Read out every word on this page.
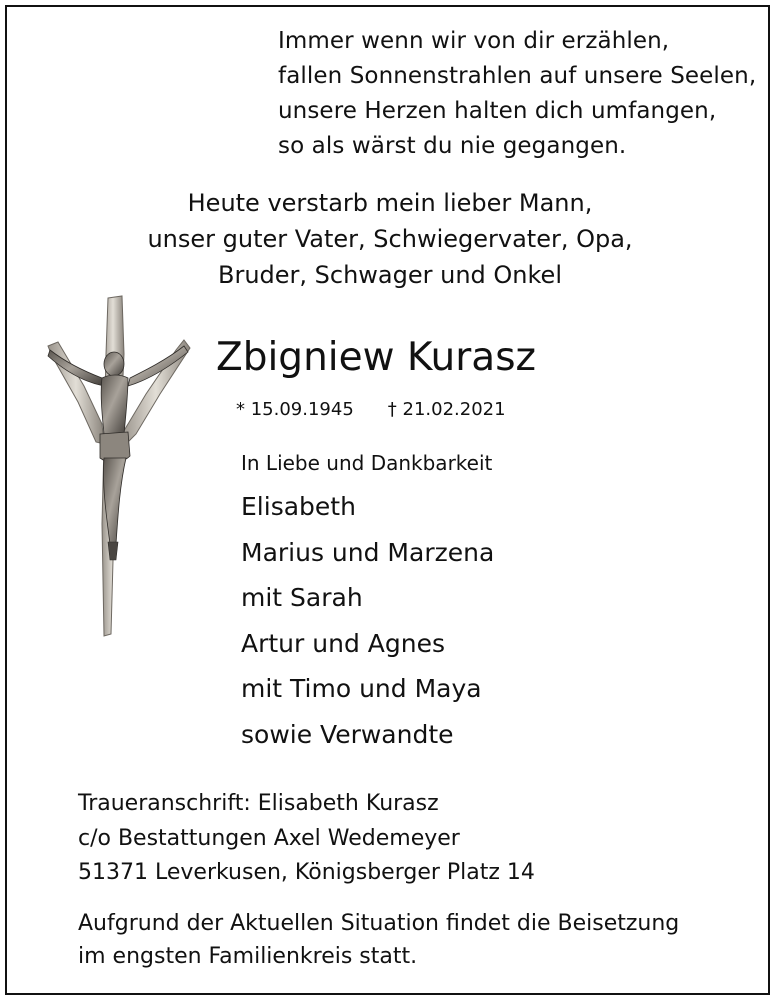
Immer wenn wir von dir erzählen,
fallen Sonnenstrahlen auf unsere Seelen,
unsere Herzen halten dich umfangen,
so als wärst du nie gegangen.
Heute verstarb mein lieber Mann,
unser guter Vater, Schwiegervater, Opa,
Bruder, Schwager und Onkel
Zbigniew Kurasz
* 15.09.1945 † 21.02.2021
In Liebe und Dankbarkeit
Elisabeth
Marius und Marzena
mit Sarah
Artur und Agnes
mit Timo und Maya
sowie Verwandte
Traueranschrift: Elisabeth Kurasz
c/o Bestattungen Axel Wedemeyer
51371 Leverkusen, Königsberger Platz 14
Aufgrund der Aktuellen Situation findet die Beisetzung
im engsten Familienkreis statt.
